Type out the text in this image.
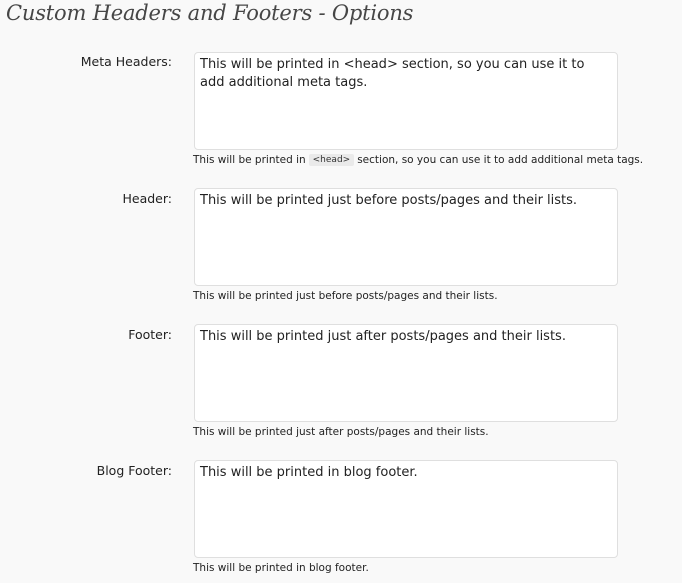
Custom Headers and Footers - Options
Meta Headers:
This will be printed in <head> section, so you can use it to add additional meta tags.
This will be printed in <head> section, so you can use it to add additional meta tags.
Header:
This will be printed just before posts/pages and their lists.
This will be printed just before posts/pages and their lists.
Footer:
This will be printed just after posts/pages and their lists.
This will be printed just after posts/pages and their lists.
Blog Footer:
This will be printed in blog footer.
This will be printed in blog footer.
